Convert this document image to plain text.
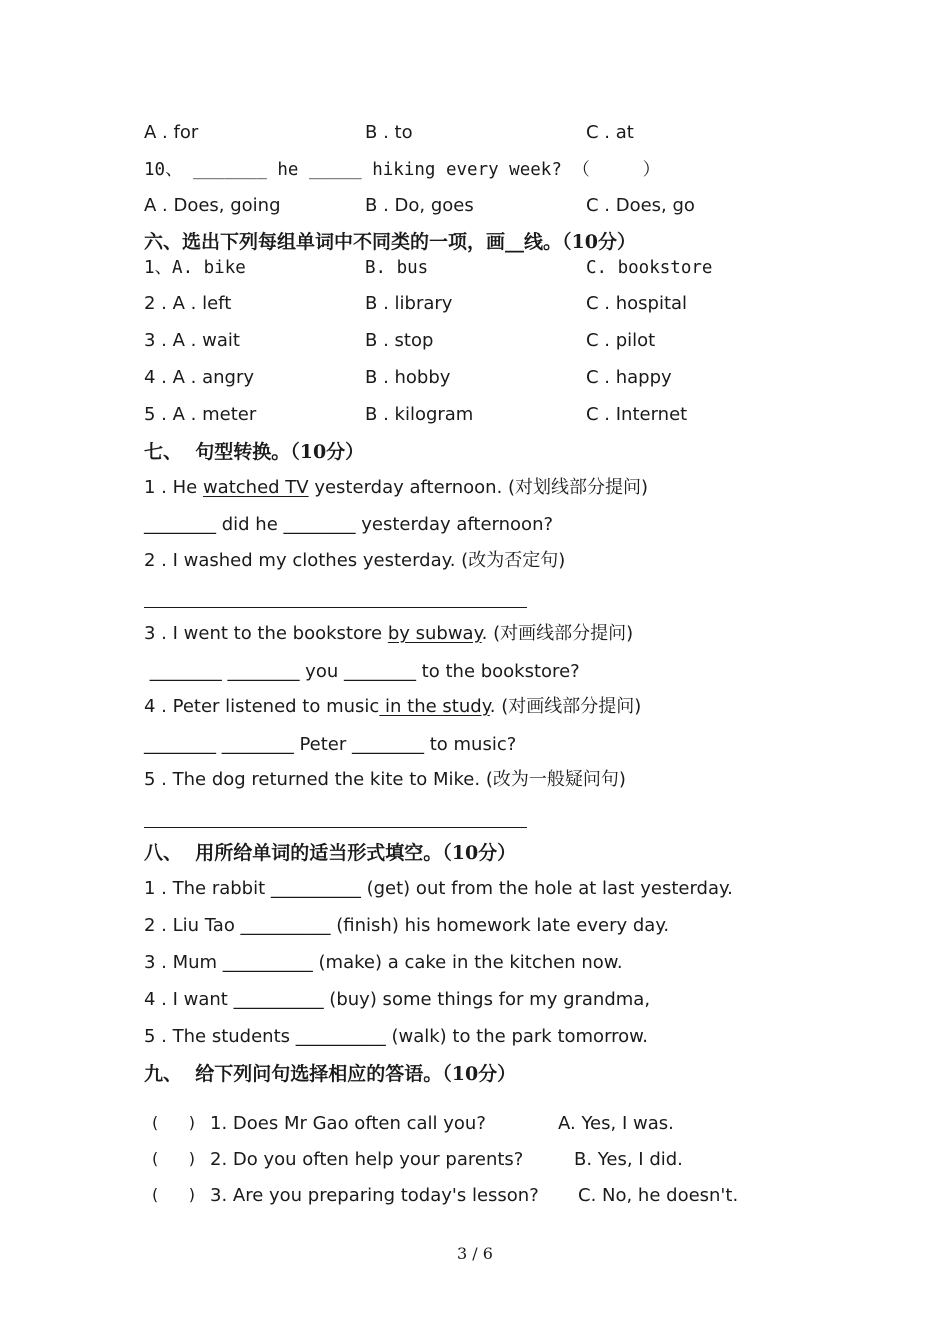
A . for	B . to	C . at
10、 _______ he _____ hiking every week? （     ）
A . Does, going	B . Do, goes	C . Does, go
六、选出下列每组单词中不同类的一项，画__线。（10分）
1、A. bike	B. bus	C. bookstore
2 . A . left	B . library	C . hospital
3 . A . wait	B . stop	C . pilot
4 . A . angry	B . hobby	C . happy
5 . A . meter	B . kilogram	C . Internet
七、  句型转换。（10分）
1 . He watched TV yesterday afternoon. (对划线部分提问)
________ did he ________ yesterday afternoon?
2 . I washed my clothes yesterday. (改为否定句)
3 . I went to the bookstore by subway. (对画线部分提问)
________ ________ you ________ to the bookstore?
4 . Peter listened to music in the study. (对画线部分提问)
________ ________ Peter ________ to music?
5 . The dog returned the kite to Mike. (改为一般疑问句)
八、  用所给单词的适当形式填空。（10分）
1 . The rabbit __________ (get) out from the hole at last yesterday.
2 . Liu Tao __________ (finish) his homework late every day.
3 . Mum __________ (make) a cake in the kitchen now.
4 . I want __________ (buy) some things for my grandma,
5 . The students __________ (walk) to the park tomorrow.
九、  给下列问句选择相应的答语。（10分）
(      ) 1. Does Mr Gao often call you?	A. Yes, I was.
(      ) 2. Do you often help your parents?	B. Yes, I did.
(      ) 3. Are you preparing today's lesson? C. No, he doesn't.
3 / 6
